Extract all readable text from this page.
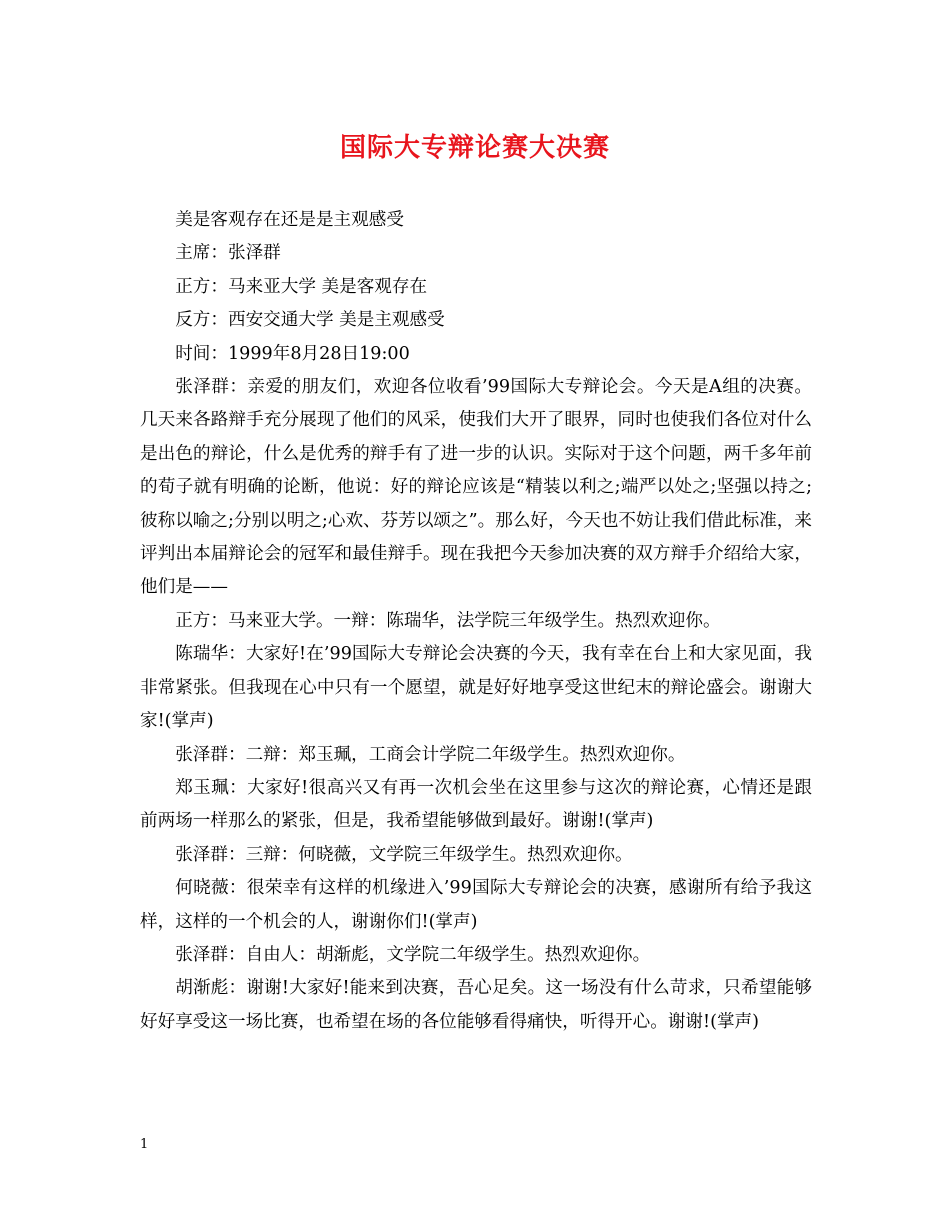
国际大专辩论赛大决赛

美是客观存在还是是主观感受

主席：张泽群

正方：马来亚大学 美是客观存在

反方：西安交通大学 美是主观感受

时间：1999年8月28日19:00

张泽群：亲爱的朋友们，欢迎各位收看’99国际大专辩论会。今天是A组的决赛。几天来各路辩手充分展现了他们的风采，使我们大开了眼界，同时也使我们各位对什么是出色的辩论，什么是优秀的辩手有了进一步的认识。实际对于这个问题，两千多年前的荀子就有明确的论断，他说：好的辩论应该是“精装以利之;端严以处之;坚强以持之;彼称以喻之;分别以明之;心欢、芬芳以颂之”。那么好，今天也不妨让我们借此标准，来评判出本届辩论会的冠军和最佳辩手。现在我把今天参加决赛的双方辩手介绍给大家，他们是——

正方：马来亚大学。一辩：陈瑞华，法学院三年级学生。热烈欢迎你。

陈瑞华：大家好!在’99国际大专辩论会决赛的今天，我有幸在台上和大家见面，我非常紧张。但我现在心中只有一个愿望，就是好好地享受这世纪末的辩论盛会。谢谢大家!(掌声)

张泽群：二辩：郑玉珮，工商会计学院二年级学生。热烈欢迎你。

郑玉珮：大家好!很高兴又有再一次机会坐在这里参与这次的辩论赛，心情还是跟前两场一样那么的紧张，但是，我希望能够做到最好。谢谢!(掌声)

张泽群：三辩：何晓薇，文学院三年级学生。热烈欢迎你。

何晓薇：很荣幸有这样的机缘进入’99国际大专辩论会的决赛，感谢所有给予我这样，这样的一个机会的人，谢谢你们!(掌声)

张泽群：自由人：胡渐彪，文学院二年级学生。热烈欢迎你。

胡渐彪：谢谢!大家好!能来到决赛，吾心足矣。这一场没有什么苛求，只希望能够好好享受这一场比赛，也希望在场的各位能够看得痛快，听得开心。谢谢!(掌声)

1
